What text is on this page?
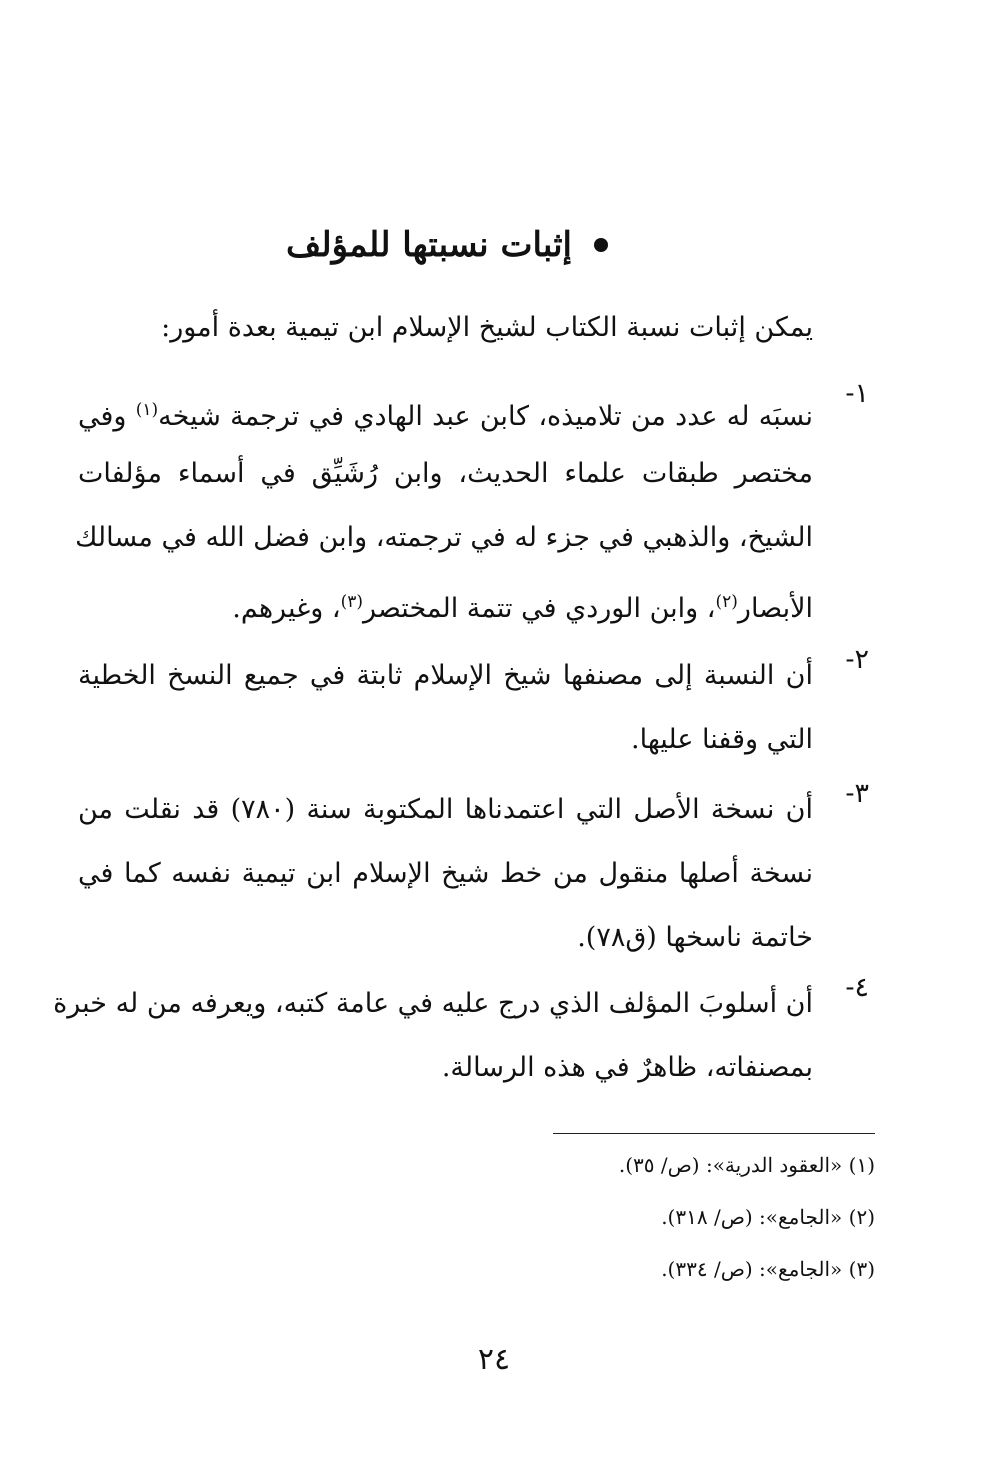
إثبات نسبتها للمؤلف
يمكن إثبات نسبة الكتاب لشيخ الإسلام ابن تيمية بعدة أمور:
١-
نسبَه له عدد من تلاميذه، كابن عبد الهادي في ترجمة شيخه$^{(١)}$ وفي
مختصر طبقات علماء الحديث، وابن رُشَيِّق في أسماء مؤلفات
الشيخ، والذهبي في جزء له في ترجمته، وابن فضل الله في مسالك
الأبصار$^{(٢)}$، وابن الوردي في تتمة المختصر$^{(٣)}$، وغيرهم.
٢-
أن النسبة إلى مصنفها شيخ الإسلام ثابتة في جميع النسخ الخطية
التي وقفنا عليها.
٣-
أن نسخة الأصل التي اعتمدناها المكتوبة سنة (٧٨٠) قد نقلت من
نسخة أصلها منقول من خط شيخ الإسلام ابن تيمية نفسه كما في
خاتمة ناسخها (ق٧٨).
٤-
أن أسلوبَ المؤلف الذي درج عليه في عامة كتبه، ويعرفه من له خبرة
بمصنفاته، ظاهرٌ في هذه الرسالة.
(١) «العقود الدرية»: (ص/ ٣٥).
(٢) «الجامع»: (ص/ ٣١٨).
(٣) «الجامع»: (ص/ ٣٣٤).
٢٤
